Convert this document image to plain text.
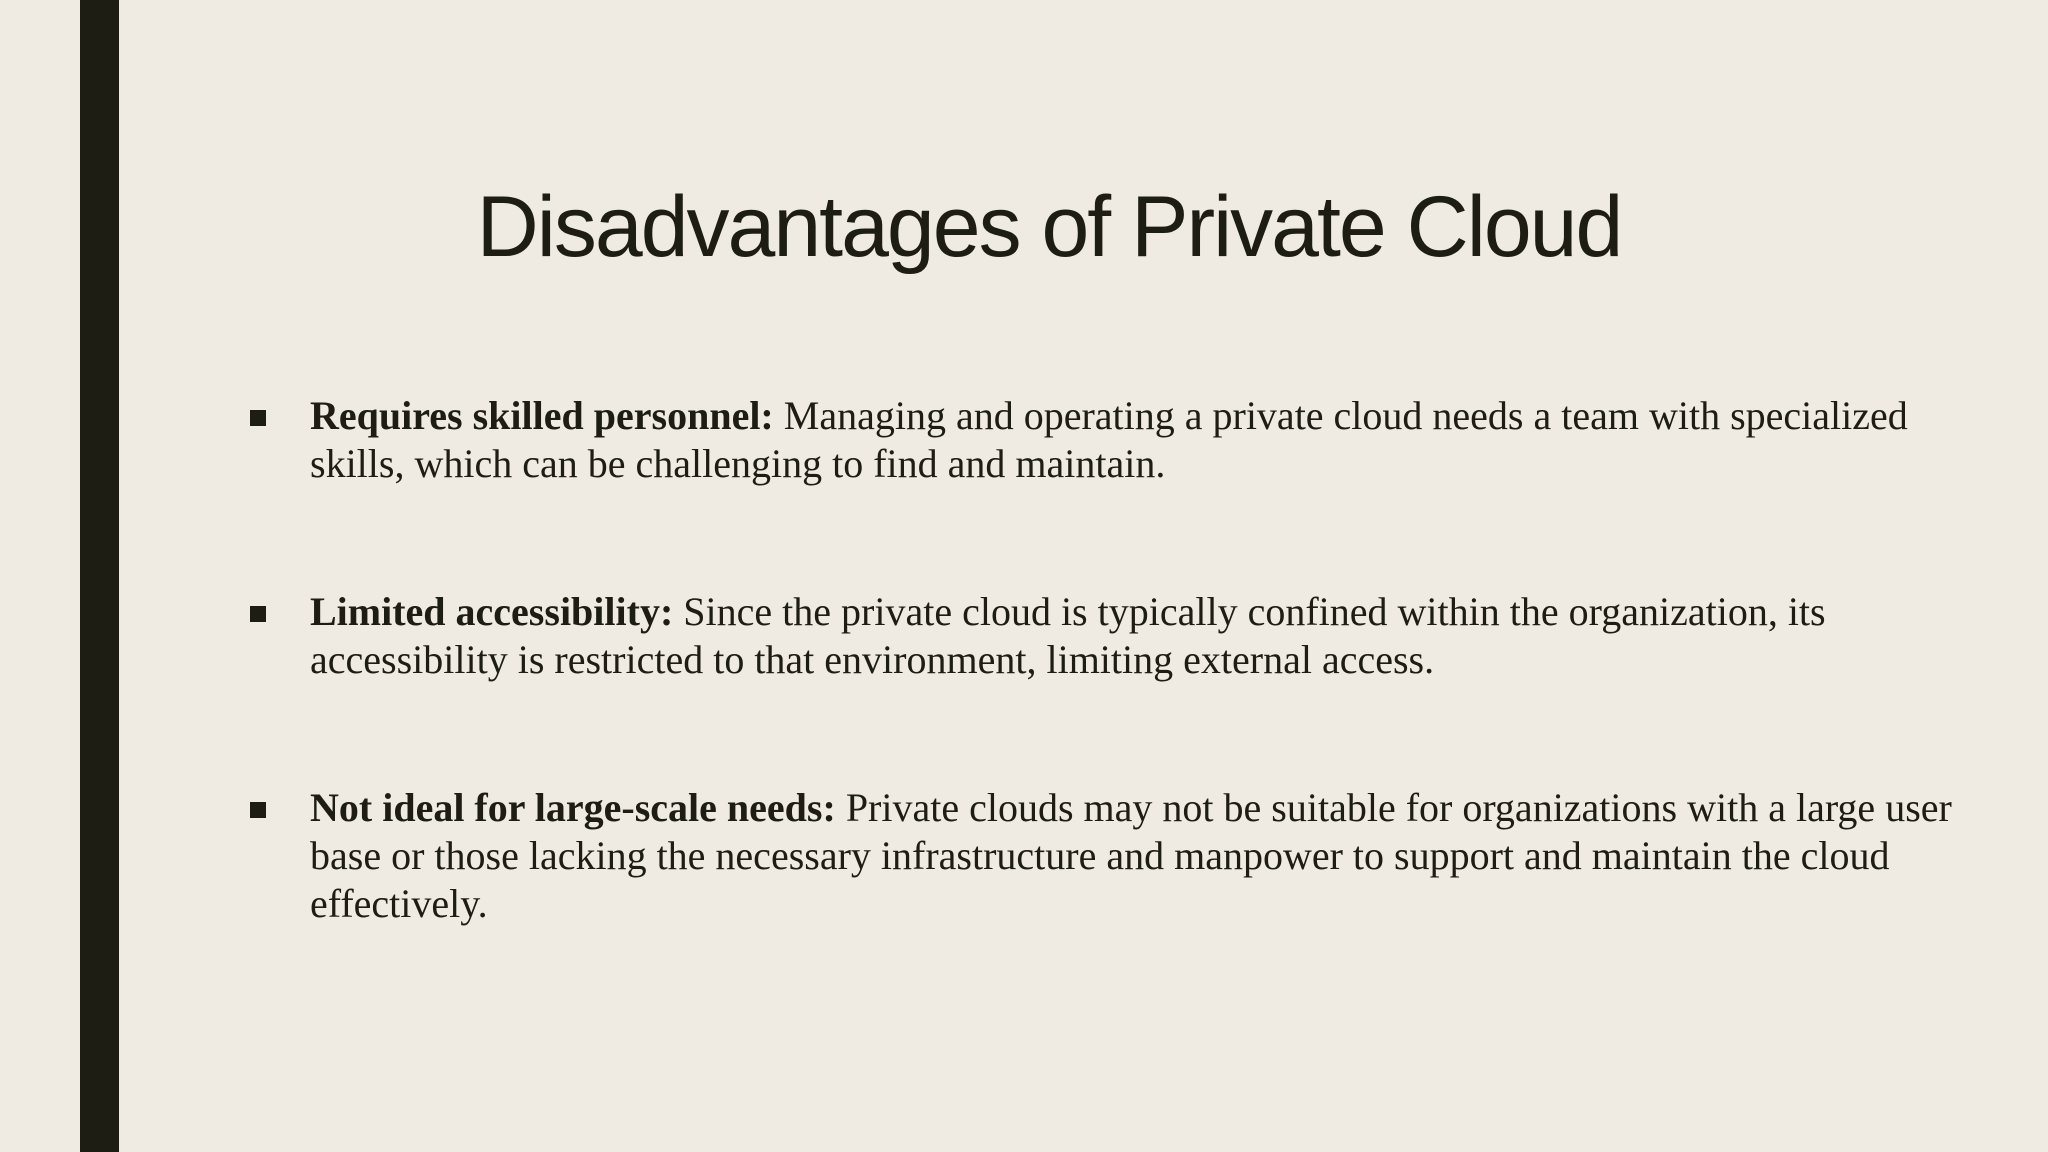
Disadvantages of Private Cloud
Requires skilled personnel: Managing and operating a private cloud needs a team with specialized skills, which can be challenging to find and maintain.
Limited accessibility: Since the private cloud is typically confined within the organization, its accessibility is restricted to that environment, limiting external access.
Not ideal for large-scale needs: Private clouds may not be suitable for organizations with a large user base or those lacking the necessary infrastructure and manpower to support and maintain the cloud effectively.
